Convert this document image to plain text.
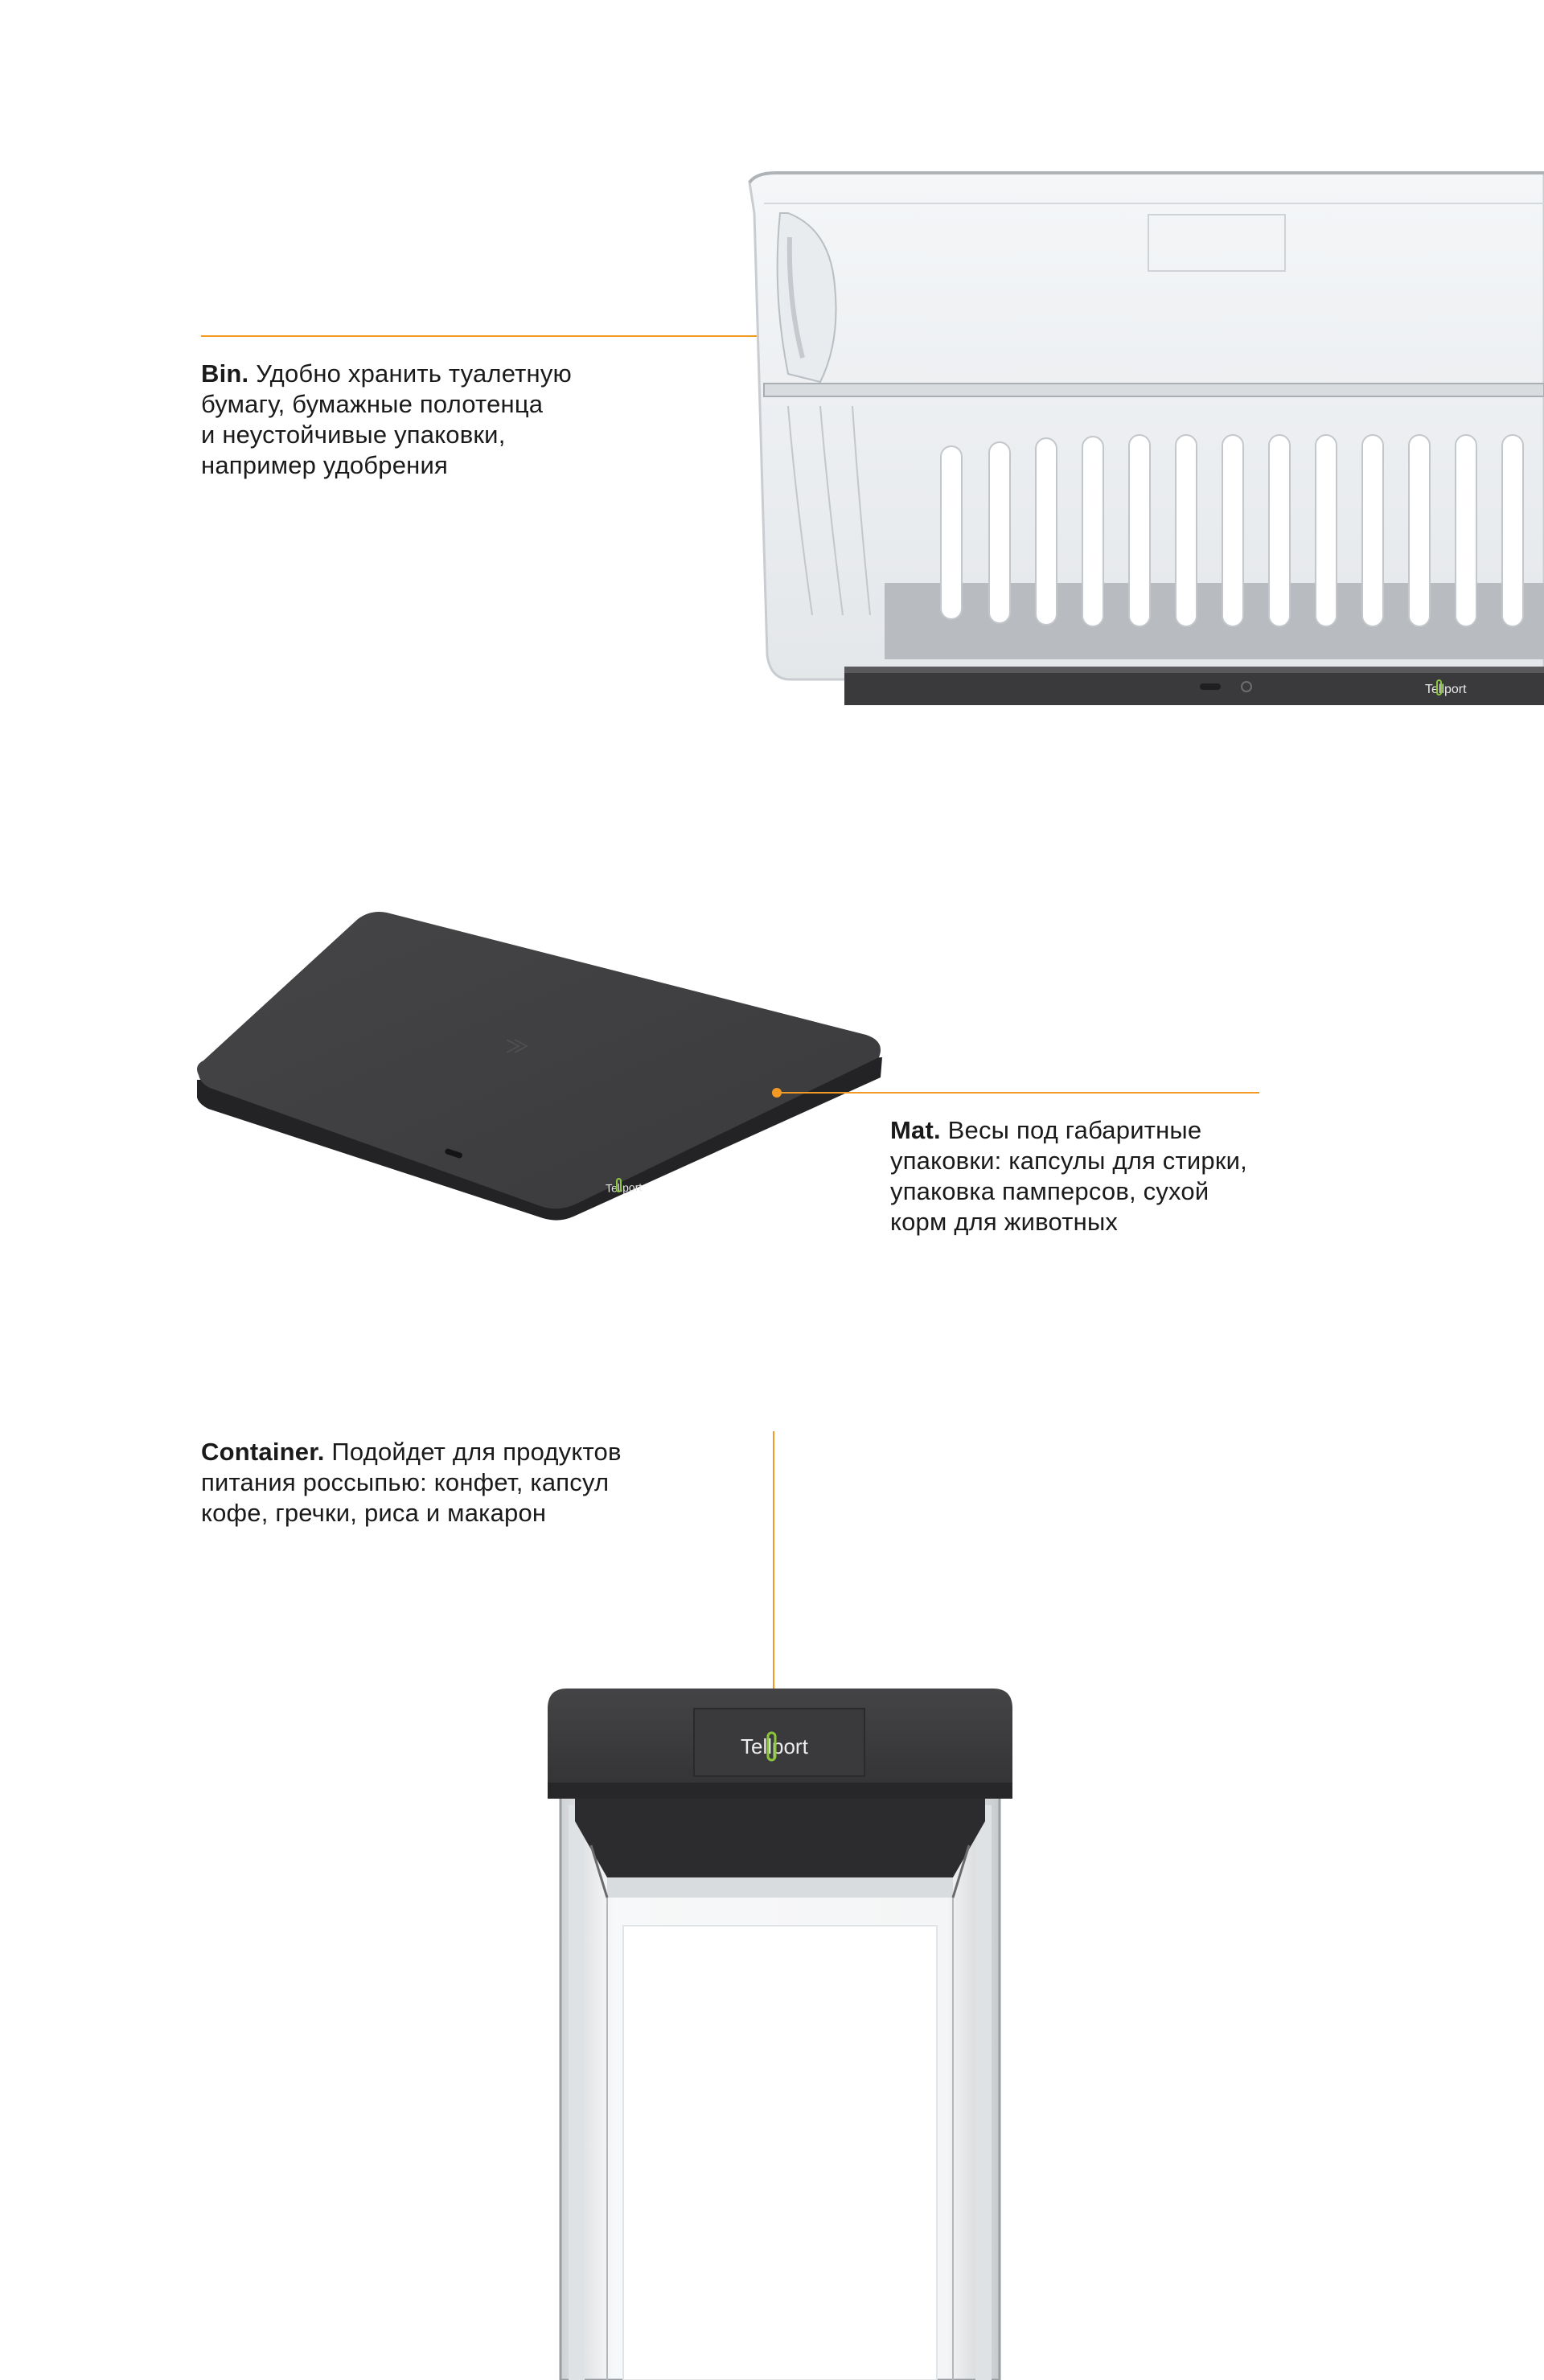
Bin. Удобно хранить туалетную
бумагу, бумажные полотенца
и неустойчивые упаковки,
например удобрения

Tellport
Tellport

Mat. Весы под габаритные
упаковки: капсулы для стирки,
упаковка памперсов, сухой
корм для животных

Container. Подойдет для продуктов
питания россыпью: конфет, капсул
кофе, гречки, риса и макарон

Tellport
